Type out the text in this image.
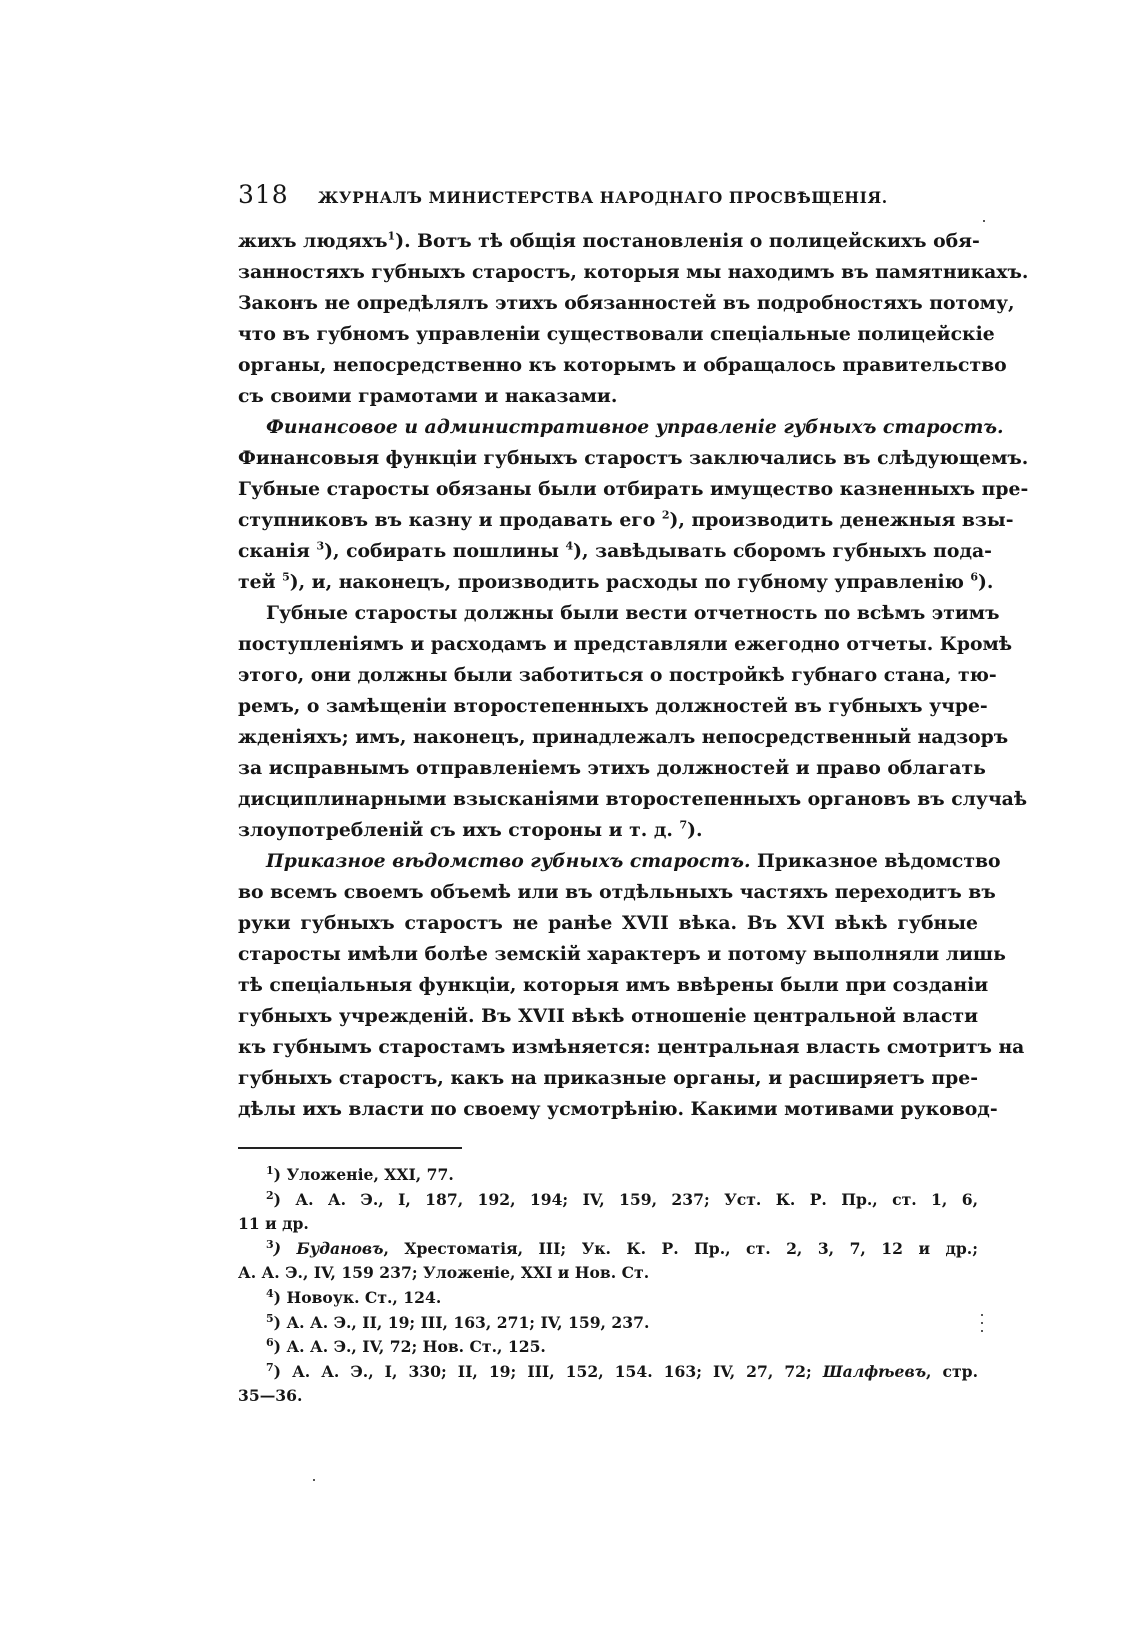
318 ЖУРНАЛЪ МИНИСТЕРСТВА НАРОДНАГО ПРОСВѢЩЕНІЯ.
жихъ людяхъ$^1$). Вотъ тѣ общія постановленія о полицейскихъ обя-
занностяхъ губныхъ старостъ, которыя мы находимъ въ памятникахъ.
Законъ не опредѣлялъ этихъ обязанностей въ подробностяхъ потому,
что въ губномъ управленіи существовали спеціальные полицейскіе
органы, непосредственно къ которымъ и обращалось правительство
съ своими грамотами и наказами.
Финансовое и административное управленіе губныхъ старостъ.
Финансовыя функціи губныхъ старостъ заключались въ слѣдующемъ.
Губные старосты обязаны были отбирать имущество казненныхъ пре-
ступниковъ въ казну и продавать его $^2$), производить денежныя взы-
сканія $^3$), собирать пошлины $^4$), завѣдывать сборомъ губныхъ пода-
тей $^5$), и, наконецъ, производить расходы по губному управленію $^6$).
Губные старосты должны были вести отчетность по всѣмъ этимъ
поступленіямъ и расходамъ и представляли ежегодно отчеты. Кромѣ
этого, они должны были заботиться о постройкѣ губнаго стана, тю-
ремъ, о замѣщеніи второстепенныхъ должностей въ губныхъ учре-
жденіяхъ; имъ, наконецъ, принадлежалъ непосредственный надзоръ
за исправнымъ отправленіемъ этихъ должностей и право облагать
дисциплинарными взысканіями второстепенныхъ органовъ въ случаѣ
злоупотребленій съ ихъ стороны и т. д. $^7$).
Приказное вѣдомство губныхъ старостъ. Приказное вѣдомство
во всемъ своемъ объемѣ или въ отдѣльныхъ частяхъ переходитъ въ
руки губныхъ старостъ не ранѣе XVII вѣка. Въ XVI вѣкѣ губные
старосты имѣли болѣе земскій характеръ и потому выполняли лишь
тѣ спеціальныя функціи, которыя имъ ввѣрены были при созданіи
губныхъ учрежденій. Въ XVII вѣкѣ отношеніе центральной власти
къ губнымъ старостамъ измѣняется: центральная власть смотритъ на
губныхъ старостъ, какъ на приказные органы, и расширяетъ пре-
дѣлы ихъ власти по своему усмотрѣнію. Какими мотивами руковод-
$^1$) Уложеніе, XXI, 77.
$^2$) А. А. Э., I, 187, 192, 194; IV, 159, 237; Уст. К. Р. Пр., ст. 1, 6,
11 и др.
$^3$) Будановъ, Хрестоматія, III; Ук. К. Р. Пр., ст. 2, 3, 7, 12 и др.;
А. А. Э., IV, 159 237; Уложеніе, XXI и Нов. Ст.
$^4$) Новоук. Ст., 124.
$^5$) А. А. Э., II, 19; III, 163, 271; IV, 159, 237.
$^6$) А. А. Э., IV, 72; Нов. Ст., 125.
$^7$) А. А. Э., I, 330; II, 19; III, 152, 154. 163; IV, 27, 72; Шалфѣевъ, стр.
35—36.
